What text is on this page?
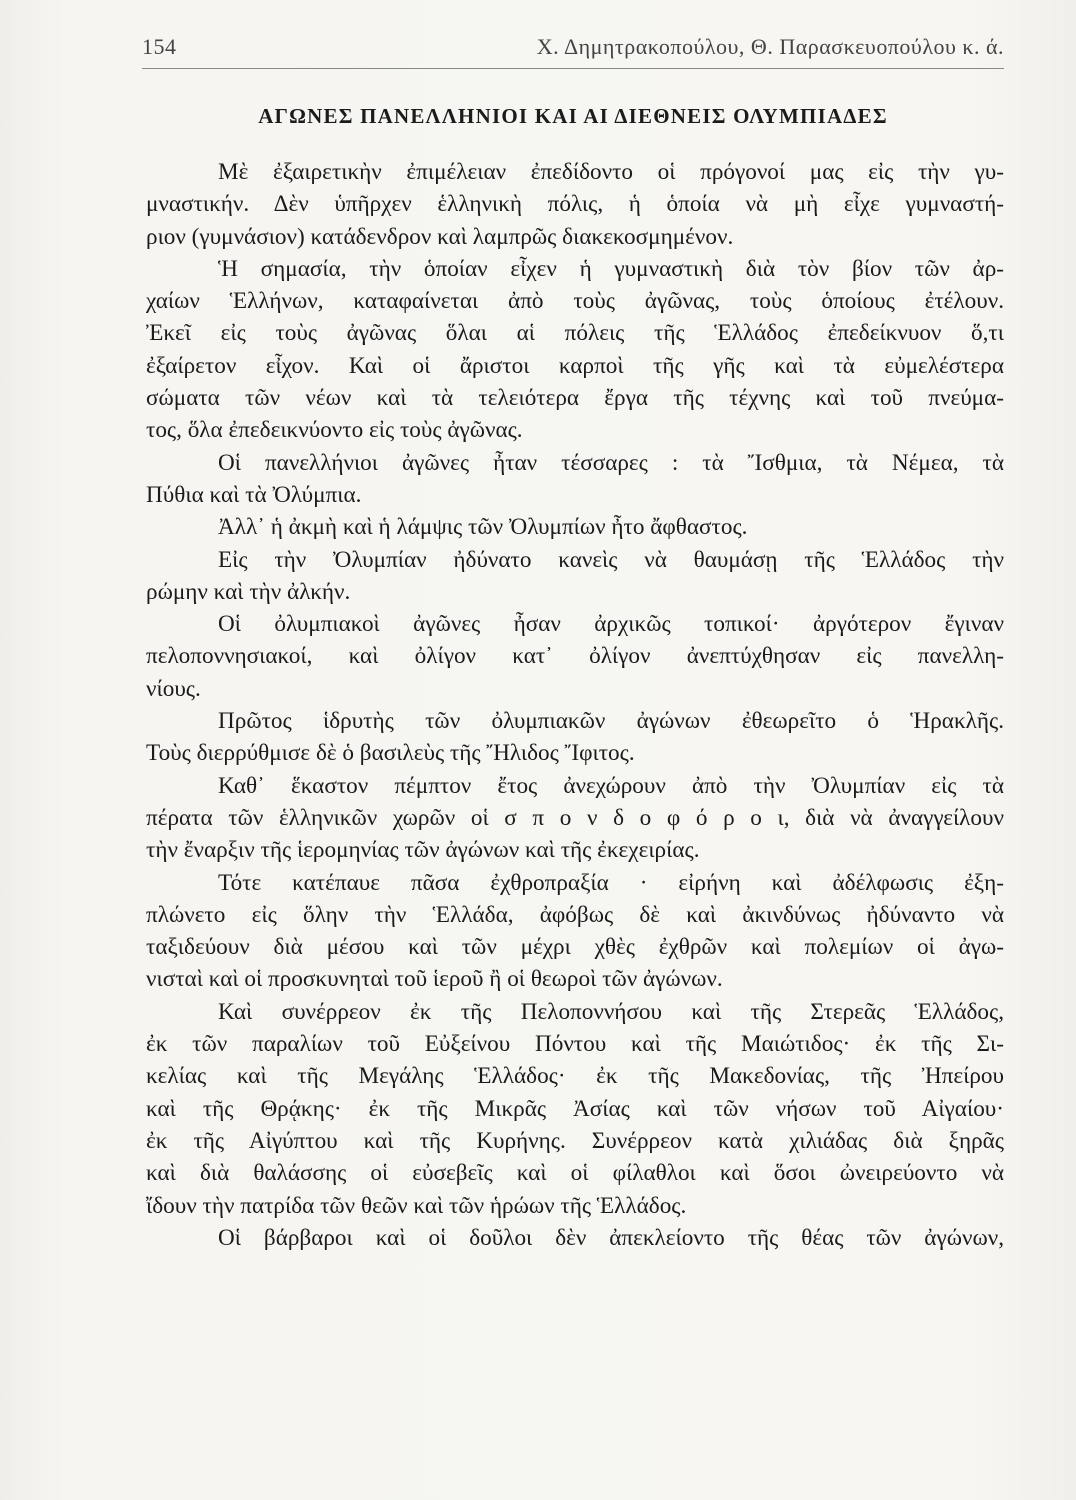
154	Χ. Δημητρακοπούλου, Θ. Παρασκευοπούλου κ. ά.
ΑΓΩΝΕΣ ΠΑΝΕΛΛΗΝΙΟΙ ΚΑΙ ΑΙ ΔΙΕΘΝΕΙΣ ΟΛΥΜΠΙΑΔΕΣ
Μὲ ἐξαιρετικὴν ἐπιμέλειαν ἐπεδίδοντο οἱ πρόγονοί μας εἰς τὴν γυ-
μναστικήν. Δὲν ὑπῆρχεν ἑλληνικὴ πόλις, ἡ ὁποία νὰ μὴ εἶχε γυμναστή-
ριον (γυμνάσιον) κατάδενδρον καὶ λαμπρῶς διακεκοσμημένον.
Ἡ σημασία, τὴν ὁποίαν εἶχεν ἡ γυμναστικὴ διὰ τὸν βίον τῶν ἀρ-
χαίων Ἑλλήνων, καταφαίνεται ἀπὸ τοὺς ἀγῶνας, τοὺς ὁποίους ἐτέλουν.
Ἐκεῖ εἰς τοὺς ἀγῶνας ὅλαι αἱ πόλεις τῆς Ἑλλάδος ἐπεδείκνυον ὅ,τι
ἐξαίρετον εἶχον. Καὶ οἱ ἄριστοι καρποὶ τῆς γῆς καὶ τὰ εὐμελέστερα
σώματα τῶν νέων καὶ τὰ τελειότερα ἔργα τῆς τέχνης καὶ τοῦ πνεύμα-
τος, ὅλα ἐπεδεικνύοντο εἰς τοὺς ἀγῶνας.
Οἱ πανελλήνιοι ἀγῶνες ἦταν τέσσαρες : τὰ Ἴσθμια, τὰ Νέμεα, τὰ
Πύθια καὶ τὰ Ὀλύμπια.
Ἀλλ᾿ ἡ ἀκμὴ καὶ ἡ λάμψις τῶν Ὀλυμπίων ἦτο ἄφθαστος.
Εἰς τὴν Ὀλυμπίαν ἠδύνατο κανεὶς νὰ θαυμάσῃ τῆς Ἑλλάδος τὴν
ρώμην καὶ τὴν ἀλκήν.
Οἱ ὀλυμπιακοὶ ἀγῶνες ἦσαν ἀρχικῶς τοπικοί· ἀργότερον ἔγιναν
πελοποννησιακοί, καὶ ὀλίγον κατ᾿ ὀλίγον ἀνεπτύχθησαν εἰς πανελλη-
νίους.
Πρῶτος ἱδρυτὴς τῶν ὀλυμπιακῶν ἀγώνων ἐθεωρεῖτο ὁ Ἡρακλῆς.
Τοὺς διερρύθμισε δὲ ὁ βασιλεὺς τῆς Ἤλιδος Ἴφιτος.
Καθ᾿ ἕκαστον πέμπτον ἔτος ἀνεχώρουν ἀπὸ τὴν Ὀλυμπίαν εἰς τὰ
πέρατα τῶν ἑλληνικῶν χωρῶν οἱ σ π ο ν δ ο φ ό ρ ο ι, διὰ νὰ ἀναγγείλουν
τὴν ἔναρξιν τῆς ἱερομηνίας τῶν ἀγώνων καὶ τῆς ἐκεχειρίας.
Τότε κατέπαυε πᾶσα ἐχθροπραξία · εἰρήνη καὶ ἀδέλφωσις ἐξη-
πλώνετο εἰς ὅλην τὴν Ἑλλάδα, ἀφόβως δὲ καὶ ἀκινδύνως ἠδύναντο νὰ
ταξιδεύουν διὰ μέσου καὶ τῶν μέχρι χθὲς ἐχθρῶν καὶ πολεμίων οἱ ἀγω-
νισταὶ καὶ οἱ προσκυνηταὶ τοῦ ἱεροῦ ἢ οἱ θεωροὶ τῶν ἀγώνων.
Καὶ συνέρρεον ἐκ τῆς Πελοποννήσου καὶ τῆς Στερεᾶς Ἑλλάδος,
ἐκ τῶν παραλίων τοῦ Εὐξείνου Πόντου καὶ τῆς Μαιώτιδος· ἐκ τῆς Σι-
κελίας καὶ τῆς Μεγάλης Ἑλλάδος· ἐκ τῆς Μακεδονίας, τῆς Ἠπείρου
καὶ τῆς Θρᾴκης· ἐκ τῆς Μικρᾶς Ἀσίας καὶ τῶν νήσων τοῦ Αἰγαίου·
ἐκ τῆς Αἰγύπτου καὶ τῆς Κυρήνης. Συνέρρεον κατὰ χιλιάδας διὰ ξηρᾶς
καὶ διὰ θαλάσσης οἱ εὐσεβεῖς καὶ οἱ φίλαθλοι καὶ ὅσοι ὠνειρεύοντο νὰ
ἴδουν τὴν πατρίδα τῶν θεῶν καὶ τῶν ἡρώων τῆς Ἑλλάδος.
Οἱ βάρβαροι καὶ οἱ δοῦλοι δὲν ἀπεκλείοντο τῆς θέας τῶν ἀγώνων,
